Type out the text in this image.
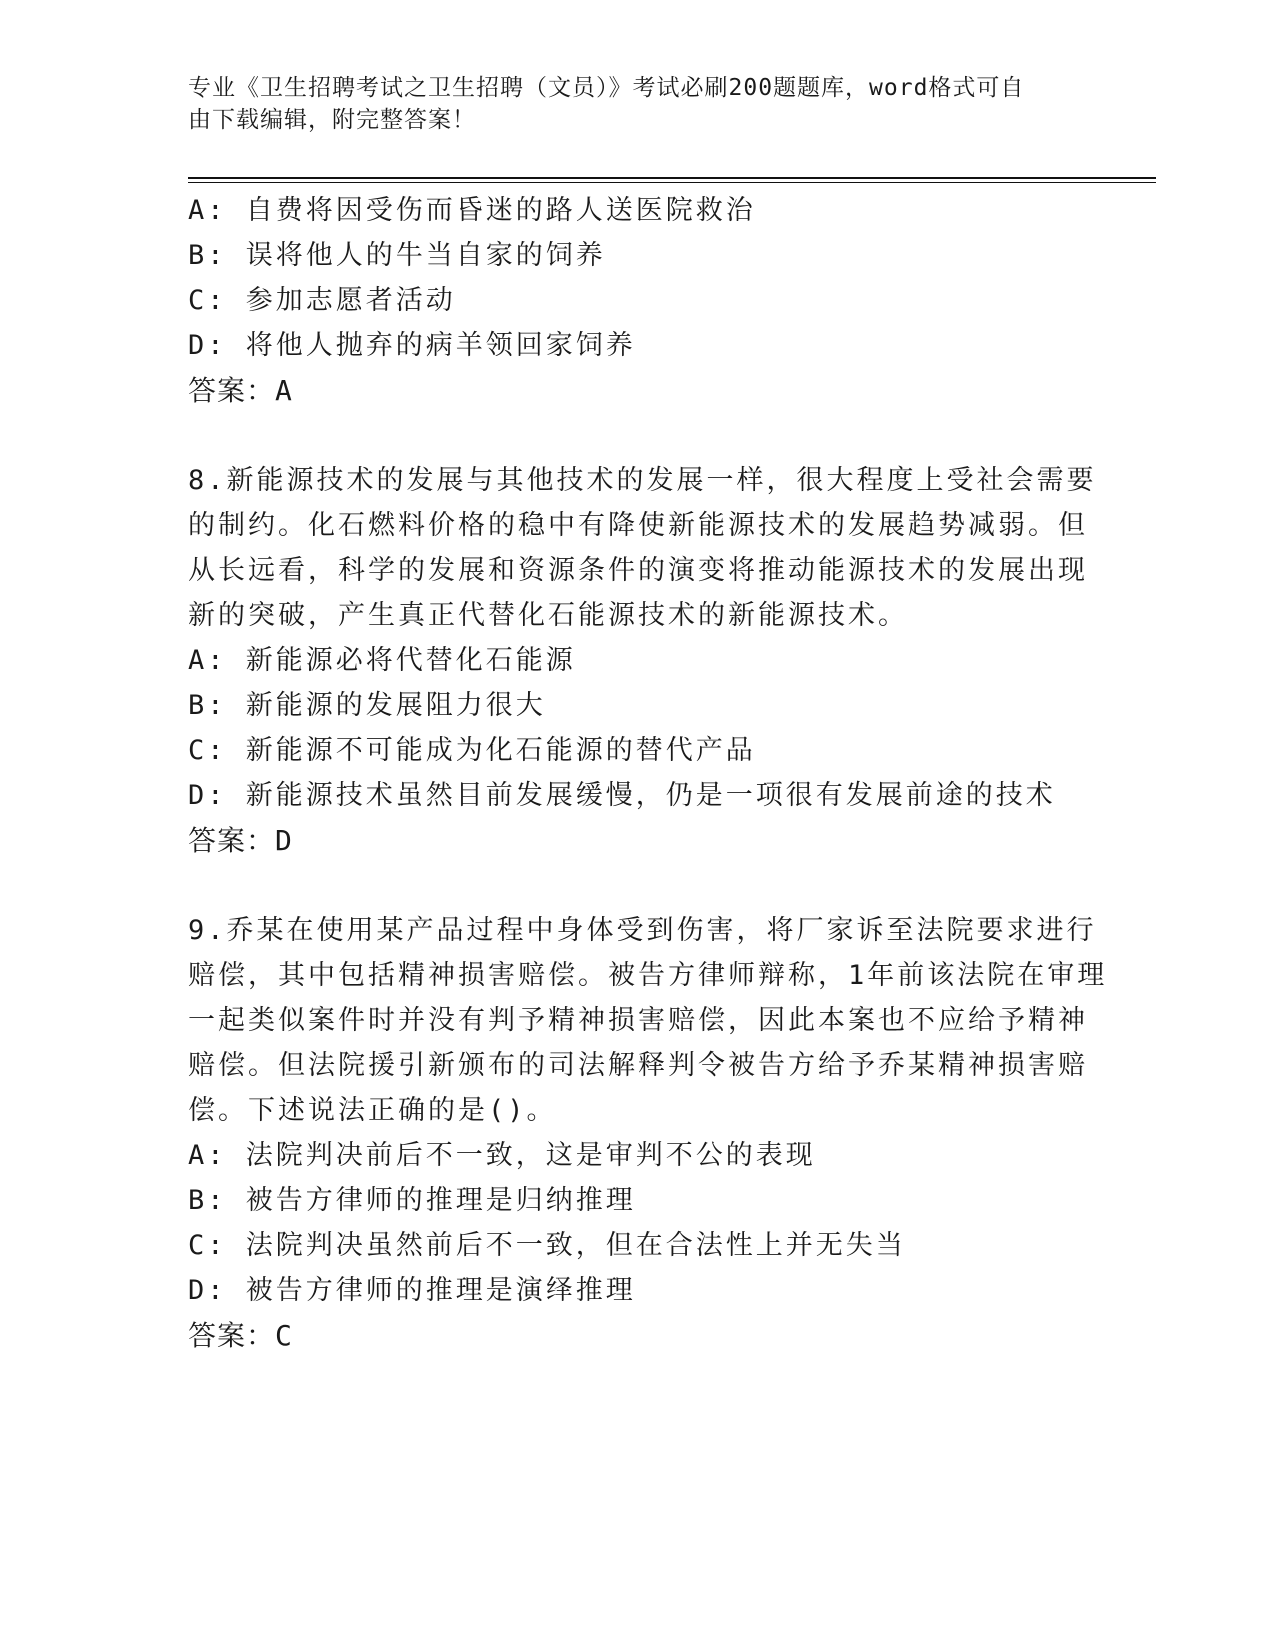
专业《卫生招聘考试之卫生招聘（文员）》考试必刷200题题库，word格式可自
由下载编辑，附完整答案！
A: 自费将因受伤而昏迷的路人送医院救治
B: 误将他人的牛当自家的饲养
C: 参加志愿者活动
D: 将他人抛弃的病羊领回家饲养
答案：A
8.新能源技术的发展与其他技术的发展一样，很大程度上受社会需要
的制约。化石燃料价格的稳中有降使新能源技术的发展趋势减弱。但
从长远看，科学的发展和资源条件的演变将推动能源技术的发展出现
新的突破，产生真正代替化石能源技术的新能源技术。
A: 新能源必将代替化石能源
B: 新能源的发展阻力很大
C: 新能源不可能成为化石能源的替代产品
D: 新能源技术虽然目前发展缓慢，仍是一项很有发展前途的技术
答案：D
9.乔某在使用某产品过程中身体受到伤害，将厂家诉至法院要求进行
赔偿，其中包括精神损害赔偿。被告方律师辩称，1年前该法院在审理
一起类似案件时并没有判予精神损害赔偿，因此本案也不应给予精神
赔偿。但法院援引新颁布的司法解释判令被告方给予乔某精神损害赔
偿。下述说法正确的是()。
A: 法院判决前后不一致，这是审判不公的表现
B: 被告方律师的推理是归纳推理
C: 法院判决虽然前后不一致，但在合法性上并无失当
D: 被告方律师的推理是演绎推理
答案：C
